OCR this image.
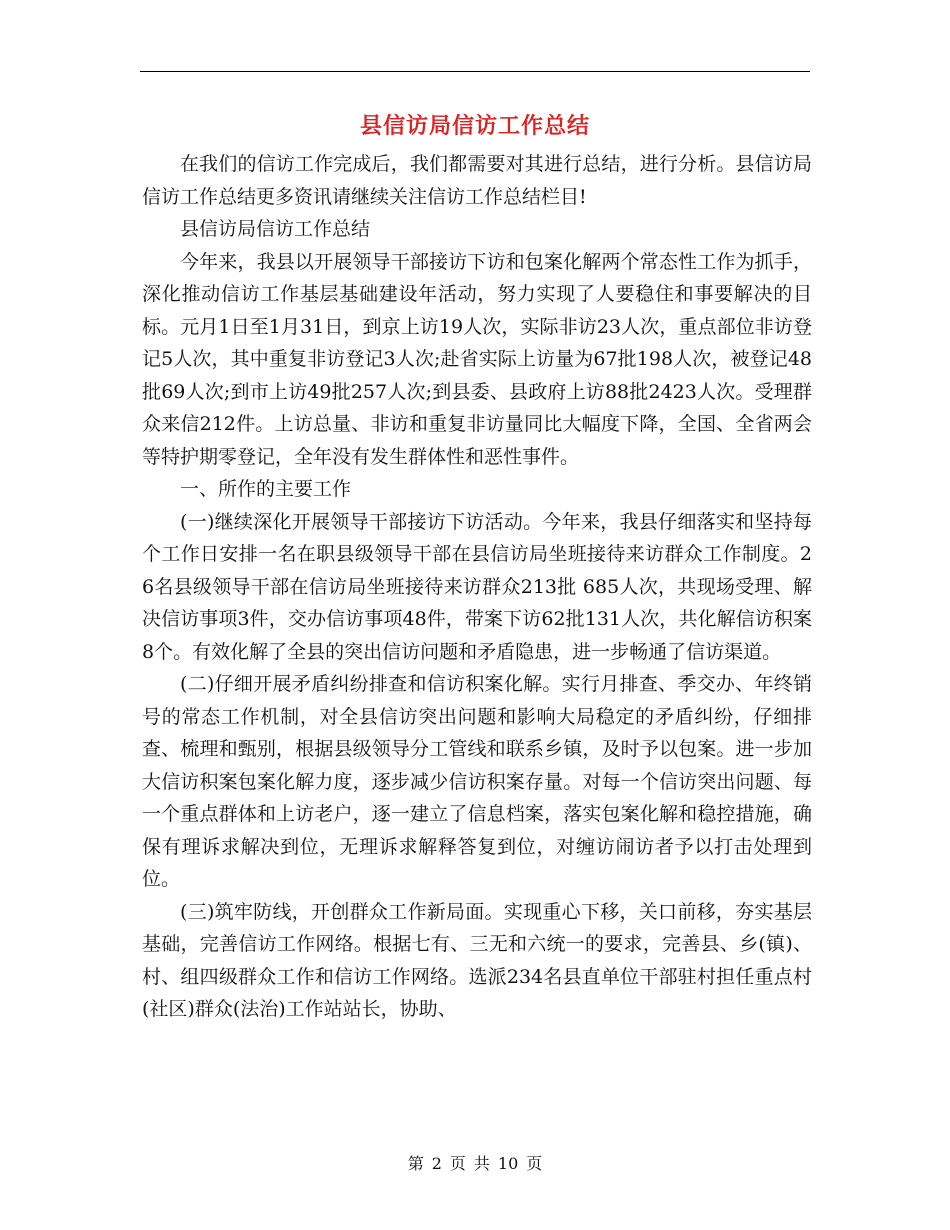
县信访局信访工作总结

在我们的信访工作完成后，我们都需要对其进行总结，进行分析。县信访局信访工作总结更多资讯请继续关注信访工作总结栏目!

县信访局信访工作总结

今年来，我县以开展领导干部接访下访和包案化解两个常态性工作为抓手，深化推动信访工作基层基础建设年活动，努力实现了人要稳住和事要解决的目标。元月1日至1月31日，到京上访19人次，实际非访23人次，重点部位非访登记5人次，其中重复非访登记3人次;赴省实际上访量为67批198人次，被登记48批69人次;到市上访49批257人次;到县委、县政府上访88批2423人次。受理群众来信212件。上访总量、非访和重复非访量同比大幅度下降，全国、全省两会等特护期零登记，全年没有发生群体性和恶性事件。

一、所作的主要工作

(一)继续深化开展领导干部接访下访活动。今年来，我县仔细落实和坚持每个工作日安排一名在职县级领导干部在县信访局坐班接待来访群众工作制度。26名县级领导干部在信访局坐班接待来访群众213批 685人次，共现场受理、解决信访事项3件，交办信访事项48件，带案下访62批131人次，共化解信访积案8个。有效化解了全县的突出信访问题和矛盾隐患，进一步畅通了信访渠道。

(二)仔细开展矛盾纠纷排查和信访积案化解。实行月排查、季交办、年终销号的常态工作机制，对全县信访突出问题和影响大局稳定的矛盾纠纷，仔细排查、梳理和甄别，根据县级领导分工管线和联系乡镇，及时予以包案。进一步加大信访积案包案化解力度，逐步减少信访积案存量。对每一个信访突出问题、每一个重点群体和上访老户，逐一建立了信息档案，落实包案化解和稳控措施，确保有理诉求解决到位，无理诉求解释答复到位，对缠访闹访者予以打击处理到位。

(三)筑牢防线，开创群众工作新局面。实现重心下移，关口前移，夯实基层基础，完善信访工作网络。根据七有、三无和六统一的要求，完善县、乡(镇)、村、组四级群众工作和信访工作网络。选派234名县直单位干部驻村担任重点村(社区)群众(法治)工作站站长，协助、

第 2 页 共 10 页
